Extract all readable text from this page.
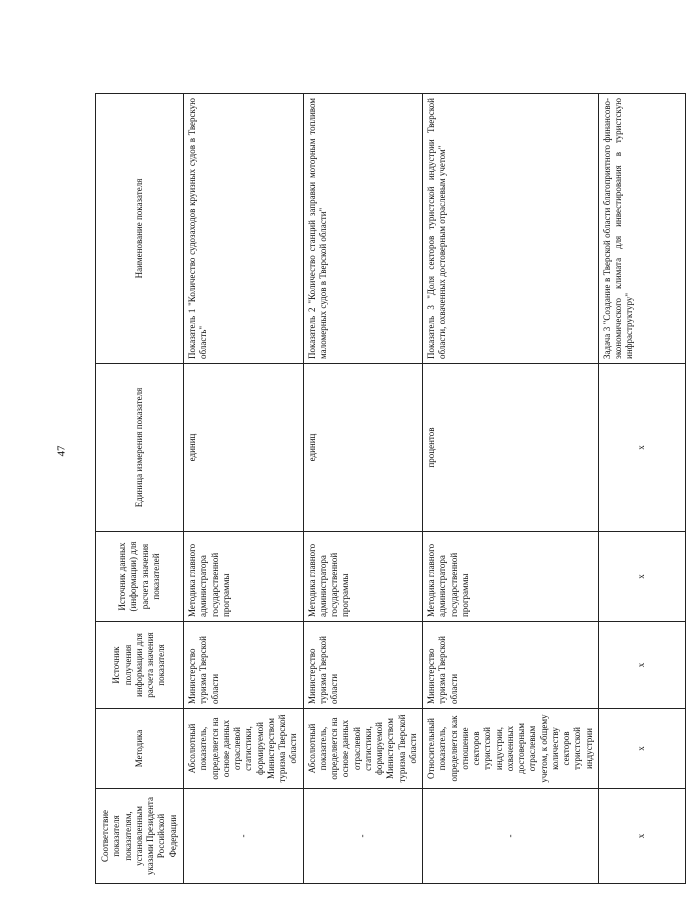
47
Соответствие показателя показателям, установленным указами Президента Российской Федерации	Методика	Источник получения информации для расчета значения показателя	Источник данных (информации) для расчета значения показателей	Единица измерения показателя	Наименование показателя
-	Абсолютный показатель, определяется на основе данных отраслевой статистики, формируемой Министерством туризма Тверской области	Министерство туризма Тверской области	Методика главного администратора государственной программы	единиц	Показатель 1 "Количество судозаходов круизных судов в Тверскую область"
-	Абсолютный показатель, определяется на основе данных отраслевой статистики, формируемой Министерством туризма Тверской области	Министерство туризма Тверской области	Методика главного администратора государственной программы	единиц	Показатель 2 "Количество станций заправки моторным топливом маломерных судов в Тверской области"
-	Относительный показатель, определяется как отношение секторов туристской индустрии, охваченных достоверным отраслевым учетом, к общему количеству секторов туристской индустрии	Министерство туризма Тверской области	Методика главного администратора государственной программы	процентов	Показатель 3 "Доля секторов туристской индустрии Тверской области, охваченных достоверным отраслевым учетом"
x	x	x	x	x	Задача 3 "Создание в Тверской области благоприятного финансово-экономического климата для инвестирования в туристскую инфраструктуру"
